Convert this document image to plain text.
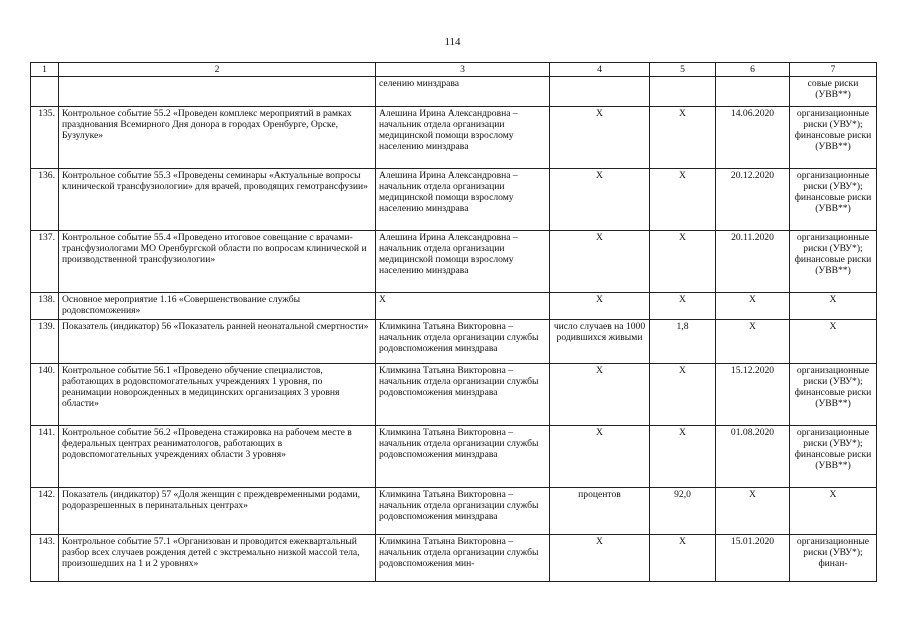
114
1	2	3	4	5	6	7
		селению минздрава				совые риски (УВВ**)
135.	Контрольное событие 55.2 «Проведен комплекс мероприятий в рамках празднования Всемирного Дня донора в городах Оренбурге, Орске, Бузулуке»	Алешина Ирина Александровна – начальник отдела организации медицинской помощи взрослому населению минздрава	Х	Х	14.06.2020	организационные риски (УВУ*); финансовые риски (УВВ**)
136.	Контрольное событие 55.3 «Проведены семинары «Актуальные вопросы клинической трансфузиологии» для врачей, проводящих гемотрансфузии»	Алешина Ирина Александровна – начальник отдела организации медицинской помощи взрослому населению минздрава	Х	Х	20.12.2020	организационные риски (УВУ*); финансовые риски (УВВ**)
137.	Контрольное событие 55.4 «Проведено итоговое совещание с врачами-трансфузиологами МО Оренбургской области по вопросам клинической и производственной трансфузиологии»	Алешина Ирина Александровна – начальник отдела организации медицинской помощи взрослому населению минздрава	Х	Х	20.11.2020	организационные риски (УВУ*); финансовые риски (УВВ**)
138.	Основное мероприятие 1.16 «Совершенствование службы родовспоможения»	Х	Х	Х	Х	Х
139.	Показатель (индикатор) 56 «Показатель ранней неонатальной смертности»	Климкина Татьяна Викторовна – начальник отдела организации службы родовспоможения минздрава	число случаев на 1000 родившихся живыми	1,8	Х	Х
140.	Контрольное событие 56.1 «Проведено обучение специалистов, работающих в родовспомогательных учреждениях 1 уровня, по реанимации новорожденных в медицинских организациях 3 уровня области»	Климкина Татьяна Викторовна – начальник отдела организации службы родовспоможения минздрава	Х	Х	15.12.2020	организационные риски (УВУ*); финансовые риски (УВВ**)
141.	Контрольное событие 56.2 «Проведена стажировка на рабочем месте в федеральных центрах реаниматологов, работающих в родовспомогательных учреждениях области 3 уровня»	Климкина Татьяна Викторовна – начальник отдела организации службы родовспоможения минздрава	Х	Х	01.08.2020	организационные риски (УВУ*); финансовые риски (УВВ**)
142.	Показатель (индикатор) 57 «Доля женщин с преждевременными родами, родоразрешенных в перинатальных центрах»	Климкина Татьяна Викторовна – начальник отдела организации службы родовспоможения минздрава	процентов	92,0	Х	Х
143.	Контрольное событие 57.1 «Организован и проводится ежеквартальный разбор всех случаев рождения детей с экстремально низкой массой тела, произошедших на 1 и 2 уровнях»	Климкина Татьяна Викторовна – начальник отдела организации службы родовспоможения мин-	Х	Х	15.01.2020	организационные риски (УВУ*); финан-
